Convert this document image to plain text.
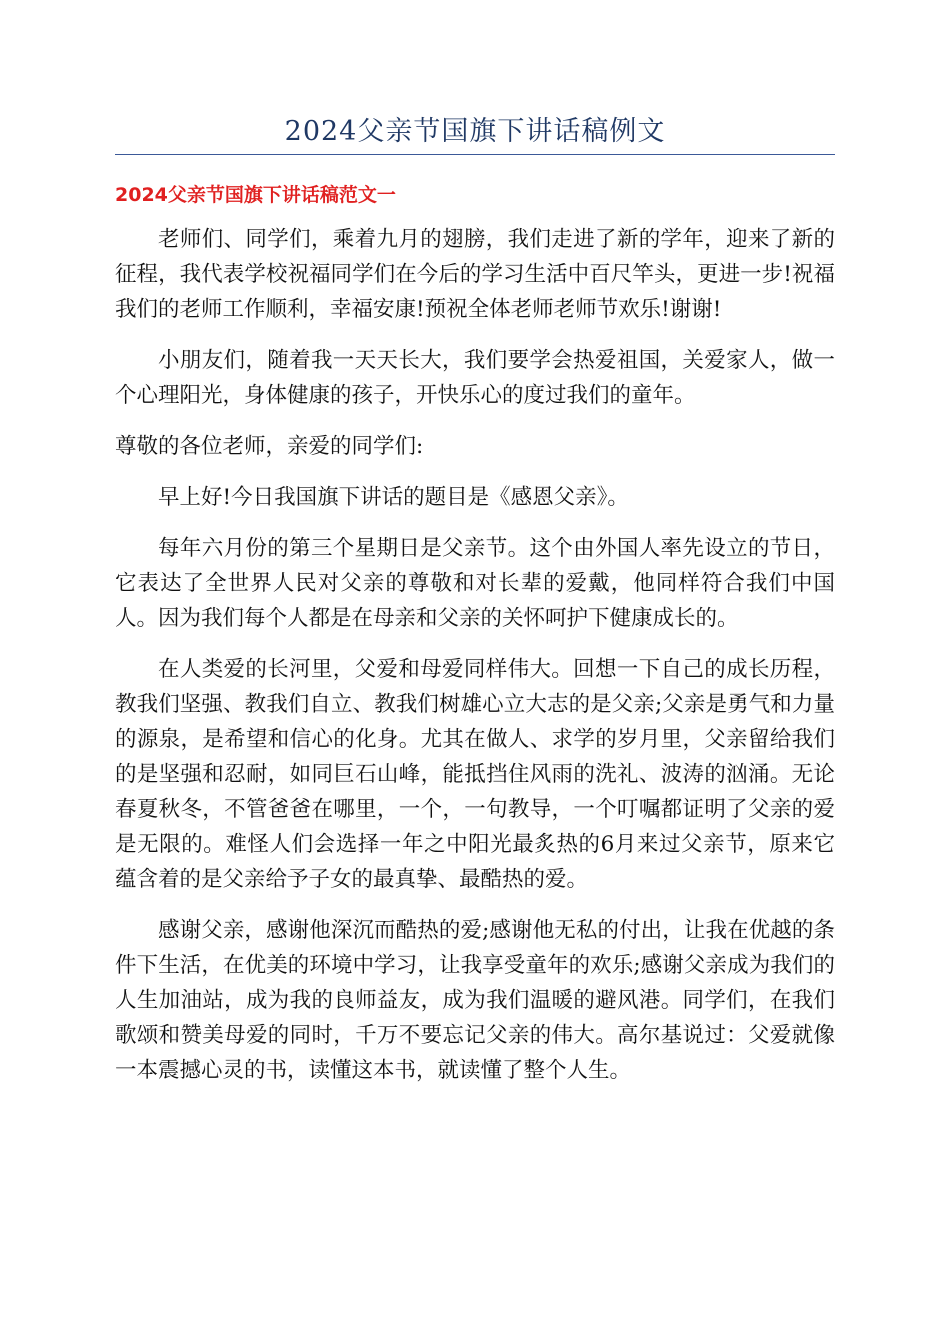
2024父亲节国旗下讲话稿例文
2024父亲节国旗下讲话稿范文一

老师们、同学们，乘着九月的翅膀，我们走进了新的学年，迎来了新的征程，我代表学校祝福同学们在今后的学习生活中百尺竿头，更进一步!祝福我们的老师工作顺利，幸福安康!预祝全体老师老师节欢乐!谢谢!

小朋友们，随着我一天天长大，我们要学会热爱祖国，关爱家人，做一个心理阳光，身体健康的孩子，开快乐心的度过我们的童年。

尊敬的各位老师，亲爱的同学们:

早上好!今日我国旗下讲话的题目是《感恩父亲》。

每年六月份的第三个星期日是父亲节。这个由外国人率先设立的节日，它表达了全世界人民对父亲的尊敬和对长辈的爱戴，他同样符合我们中国人。因为我们每个人都是在母亲和父亲的关怀呵护下健康成长的。

在人类爱的长河里，父爱和母爱同样伟大。回想一下自己的成长历程，教我们坚强、教我们自立、教我们树雄心立大志的是父亲;父亲是勇气和力量的源泉，是希望和信心的化身。尤其在做人、求学的岁月里，父亲留给我们的是坚强和忍耐，如同巨石山峰，能抵挡住风雨的洗礼、波涛的汹涌。无论春夏秋冬，不管爸爸在哪里，一个，一句教导，一个叮嘱都证明了父亲的爱是无限的。难怪人们会选择一年之中阳光最炙热的6月来过父亲节，原来它蕴含着的是父亲给予子女的最真挚、最酷热的爱。

感谢父亲，感谢他深沉而酷热的爱;感谢他无私的付出，让我在优越的条件下生活，在优美的环境中学习，让我享受童年的欢乐;感谢父亲成为我们的人生加油站，成为我的良师益友，成为我们温暖的避风港。同学们，在我们歌颂和赞美母爱的同时，千万不要忘记父亲的伟大。高尔基说过：父爱就像一本震撼心灵的书，读懂这本书，就读懂了整个人生。
